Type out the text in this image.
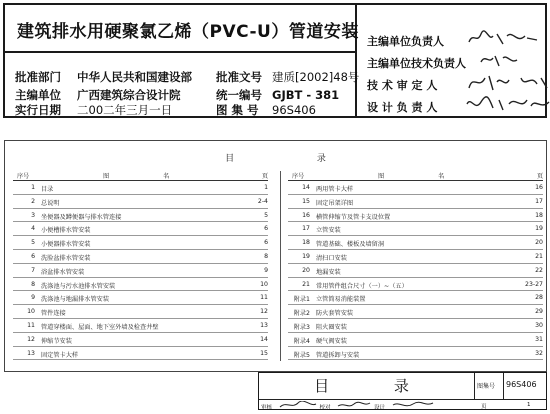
建筑排水用硬聚氯乙烯（PVC-U）管道安装
批准部门 中华人民共和国建设部 批准文号 建质[2002]48号
主编单位 广西建筑综合设计院	统一编号 GJBT - 381
实行日期 二00二年三月一日	图 集 号 96S406
主编单位负责人
主编单位技术负责人
技 术 审 定 人
设 计 负 责 人
目 录
序号	图	名	页
1 目录	1
2 总说明	2-4
3 坐便器及蹲便器与排水管连接	5
4 小便槽排水管安装	6
5 小便器排水管安装	6
6 洗脸盆排水管安装	8
7 浴盆排水管安装	9
8 洗涤池与污水池排水管安装	10
9 洗涤池与地漏排水管安装	11
10 管件连接	12
11 管道穿楼面、屋面、地下室外墙及检查井壁	13
12 伸缩节安装	14
13 固定管卡大样	15
序号	图	名	页
14 两用管卡大样	16
15 固定吊架详图	17
16 横管伸缩节及管卡支设位置	18
17 立管安装	19
18 管道基础、楼板及墙留洞	20
19 清扫口安装	21
20 地漏安装	22
21 常用管件组合尺寸（一）~（五）	23-27
附录1 立管简易消能装置	28
附录2 防火套管安装	29
附录3 阻火圈安装	30
附录4 硬气阀安装	31
附录5 管道拆卸与安装	32
目 录	图集号 96S406
审核	校对	设计	页	1
